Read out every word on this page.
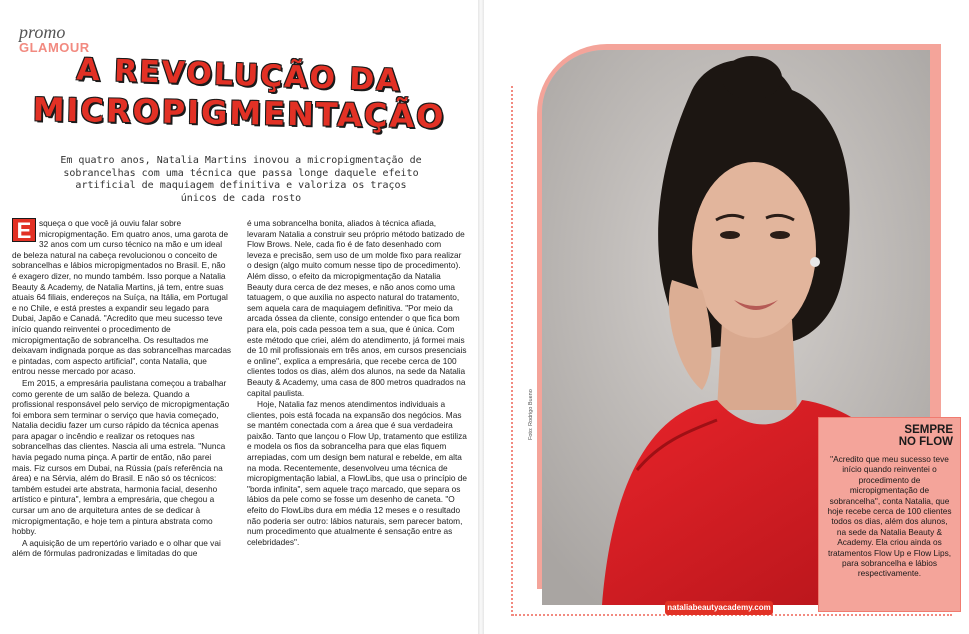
promo
GLAMOUR
A REVOLUÇÃO DA
MICROPIGMENTAÇÃO
Em quatro anos, Natalia Martins inovou a micropigmentação de sobrancelhas com uma técnica que passa longe daquele efeito artificial de maquiagem definitiva e valoriza os traços únicos de cada rosto

E squeça o que você já ouviu falar sobre micropigmentação. Em quatro anos, uma garota de 32 anos com um curso técnico na mão e um ideal de beleza natural na cabeça revolucionou o conceito de sobrancelhas e lábios micropigmentados no Brasil. E, não é exagero dizer, no mundo também. Isso porque a Natalia Beauty & Academy, de Natalia Martins, já tem, entre suas atuais 64 filiais, endereços na Suíça, na Itália, em Portugal e no Chile, e está prestes a expandir seu legado para Dubai, Japão e Canadá. "Acredito que meu sucesso teve início quando reinventei o procedimento de micropigmentação de sobrancelha. Os resultados me deixavam indignada porque as das sobrancelhas marcadas e pintadas, com aspecto artificial", conta Natalia, que entrou nesse mercado por acaso.

Em 2015, a empresária paulistana começou a trabalhar como gerente de um salão de beleza. Quando a profissional responsável pelo serviço de micropigmentação foi embora sem terminar o serviço que havia começado, Natalia decidiu fazer um curso rápido da técnica apenas para apagar o incêndio e realizar os retoques nas sobrancelhas das clientes. Nascia ali uma estrela. "Nunca havia pegado numa pinça. A partir de então, não parei mais. Fiz cursos em Dubai, na Rússia (país referência na área) e na Sérvia, além do Brasil. E não só os técnicos: também estudei arte abstrata, harmonia facial, desenho artístico e pintura", lembra a empresária, que chegou a cursar um ano de arquitetura antes de se dedicar à micropigmentação, e hoje tem a pintura abstrata como hobby.

A aquisição de um repertório variado e o olhar que vai além de fórmulas padronizadas e limitadas do que

é uma sobrancelha bonita, aliados à técnica afiada, levaram Natalia a construir seu próprio método batizado de Flow Brows. Nele, cada fio é de fato desenhado com leveza e precisão, sem uso de um molde fixo para realizar o design (algo muito comum nesse tipo de procedimento). Além disso, o efeito da micropigmentação da Natalia Beauty dura cerca de dez meses, e não anos como uma tatuagem, o que auxilia no aspecto natural do tratamento, sem aquela cara de maquiagem definitiva. "Por meio da arcada óssea da cliente, consigo entender o que fica bom para ela, pois cada pessoa tem a sua, que é única. Com este método que criei, além do atendimento, já formei mais de 10 mil profissionais em três anos, em cursos presenciais e online", explica a empresária, que recebe cerca de 100 clientes todos os dias, além dos alunos, na sede da Natalia Beauty & Academy, uma casa de 800 metros quadrados na capital paulista.

Hoje, Natalia faz menos atendimentos individuais a clientes, pois está focada na expansão dos negócios. Mas se mantém conectada com a área que é sua verdadeira paixão. Tanto que lançou o Flow Up, tratamento que estiliza e modela os fios da sobrancelha para que elas fiquem arrepiadas, com um design bem natural e rebelde, em alta na moda. Recentemente, desenvolveu uma técnica de micropigmentação labial, a FlowLibs, que usa o princípio de "borda infinita", sem aquele traço marcado, que separa os lábios da pele como se fosse um desenho de caneta. "O efeito do FlowLibs dura em média 12 meses e o resultado não poderia ser outro: lábios naturais, sem parecer batom, num procedimento que atualmente é sensação entre as celebridades".

Foto: Rodrigo Bueno	SEMPRE
NO FLOW
"Acredito que meu sucesso teve início quando reinventei o procedimento de micropigmentação de sobrancelha", conta Natalia, que hoje recebe cerca de 100 clientes todos os dias, além dos alunos, na sede da Natalia Beauty & Academy. Ela criou ainda os tratamentos Flow Up e Flow Lips, para sobrancelha e lábios respectivamente.
nataliabeautyacademy.com
